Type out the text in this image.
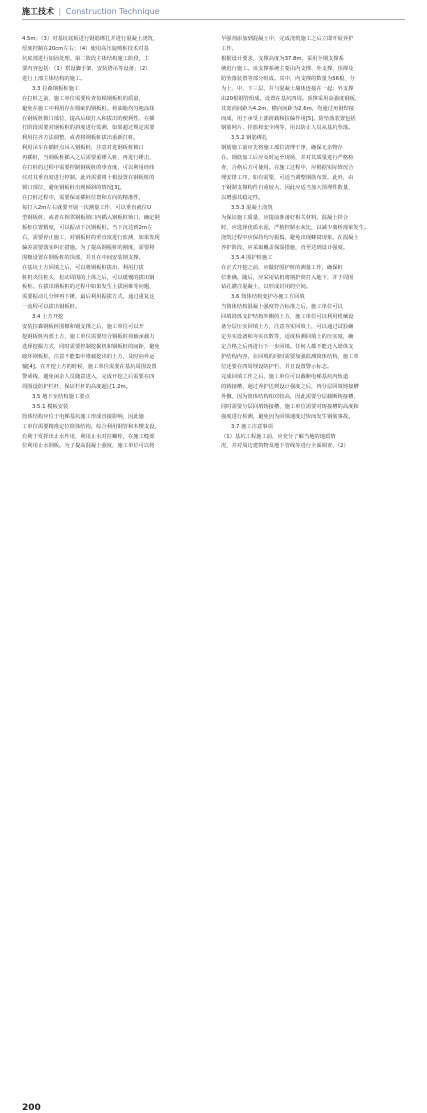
施工技术 | Construction Technique
4.5m；（3）对基坑底板进行钢筋绑扎并进行混凝土浇筑，
厚度控制在20cm左右；（4）使用高压旋喷桩技术对基
坑底部进行加固处理。第二阶段主体结构施工阶段，主
要内容包括：（1）搭设脚手架，安装塔吊等设备；（2）
进行上部主体结构的施工。
3.3 拉森钢板桩施工
在打桩之前，施工单位需要检查每根钢板桩的质量，
避免在施工中利用存在瑕疵的钢板桩。将油脂均匀地涂抹
在钢板桩锁口部位，提高后续打入和拔出的便利性。在插
打阶段需要对钢板桩的斜度进行监测，如果超过规定需要
利用拉齐方法调整，或者将钢板桩拔出重新打桩。
利用吊车在插桩点吊入钢板桩，注意对进钢板桩锁口
再插桩，当钢板桩插入之后需要重锤入桩，再进行锤击，
在打桩的过程中需要控制钢板桩的垂直度，可以利用经纬
仪对其垂直度进行控制。此外需要将十根设置在钢板桩的
锁口部位，避免钢板桩出现倾斜的情况[3]。
在打桩过程中，需要保证插桩位置和方向的精准性，
每打入2m左右就要开展一次测量工作，可以垂直就位U
型钢板桩，或者在相邻钢板锁口内插入钢板桩锁口，确定钢
板桩位置精度，可以振动下沉钢板桩。当下沉达到2m左
右，需要停止施工，对钢板桩的垂直度进行监测，如果发现
偏差需要落实纠正措施。为了提高钢板桩的刚度，需要将
围檩设置在钢板桩的顶部，并且在中间安装钢支撑。
在基坑土方回填之后，可以将钢板桩拔出，利用打拔
桩机夹住桩头，松动周围的土体之后，可以缓慢的拔出钢
板桩。在拔出钢板桩的过程中如果发生上拔困难等问题，
需要振动几分钟再下锤，最后利用振拔方式，通过重复这
一流程可以拔出钢板桩。
3.4 土方开挖
安装拉森钢板桩围檩和钢支撑之后，施工单位可以开
挖钢板桩内部土方，施工单位需要结合钢板桩荷载承载力
选择挖掘方式，同时需要控制挖掘机和钢板桩的间距，避免
破坏钢板桩。注意不能集中堆载挖出的土方，及时向外运
输[4]。在开挖土方的时候，施工单位需要在基坑周围设置
警戒线，避免闲杂人员随意进入，完成开挖之后需要在四
周围设防护栏杆，保证栏杆的高度超过1.2m。
3.5 地下室结构施工要点
3.5.1 模板安装
筒体结构应位于电梯基坑施工形成直接影响，因此施
工单位需要精准定位筒体结构，综合利用钢管和木楔支设，
有利于发挥出止水作用，利用止水对拉螺栓，在施工缝部
位利用止水钢板。为了提高混凝土强度，施工单位可以将
早强剂添加到混凝土中，完成浇筑施工之后立即开展养护
工作。
根据设计要求，支撑高度为37.8m，采用全钢支撑系
统进行施工。该支撑系统主要由内支撑、外支撑、顶撑及
防坠落装置等部分组成。其中，内支撑的数量为56根，分
为上、中、下三层，并与混凝土墙体连接在一起；外支撑
由20根钢管组成，设置在基坑四周。顶撑采用高强度钢板，
其宽尚间距为4.2m，横向间距为2.6m，均通过角钢焊接
而成，用于承受上部荷载和抗偏作用[5]。防坠落装置包括
钢筋网片、挂篮和安全网等，用以防止人员从基坑坠落。
3.5.2 钢筋绑扎
钢筋施工前应先将施工部位清理干净，确保无杂物存
在。钢筋加工后应及时运至现场，并对其质量进行严格检
查，合格后方可使用。在施工过程中，应根据实际情况合
理安排工序，如有需要，可适当调整钢筋布置。此外，由
于钢制支撑构件自重较大，因此应适当加大预埋件数量，
以增强其稳定性。
3.5.3 混凝土浇筑
为保证施工质量，应提前准备好相关材料。混凝土拌合
时，应选择优质水泥，严格控制水灰比，以减少离析现象发生。
浇筑过程中应保持均匀振捣，避免出现蜂窝现象。在混凝土
养护阶段，应采取覆盖保湿措施，直至达到设计强度。
3.5.4 围护桩施工
在正式开挖之前，应做好围护桩的测量工作，确保桩
位准确。随后，应采用钻机将钢护筒打入地下，并于周围
钻孔灌注混凝土，以形成封闭的空间。
3.6 筒体结构变护办施工方回填
当筒体结构混凝土强度符合标准之后，施工单位可以
回填筒体支护结构外侧的土方，施工单位可以利用机械设
备分层压实回填土方，注意夯实回填土，可以通过试验确
定夯实设备和夯实次数等，适度检测回填土的压实度，确
定合格之后再进行下一步回填。任何人都不能迁入筒体支
护结构内容，在回填的同时需要加强监测筒体结构，施工单
位还要在四周埋设防护栏，并且设置警示标志。
完成回填工作之后，施工单位可以截断电梯基坑内轨道
的铸接槽，通过养护达到设计强度之后，再分层回填铸接槽
外侧。因为筒体结构相对较高，因此需要分层截断铸接槽，
同时需要分层回填铸接槽，施工单位需要对铸接槽的高度和
强度进行检测，避免因为回填速度过快而发生钢筋事故。
3.7 施工注意事项
（1）基坑工程施工前，应充分了解当地的地质情
况，并对周边建筑物及地下管线等进行全面调查，（2）
200
